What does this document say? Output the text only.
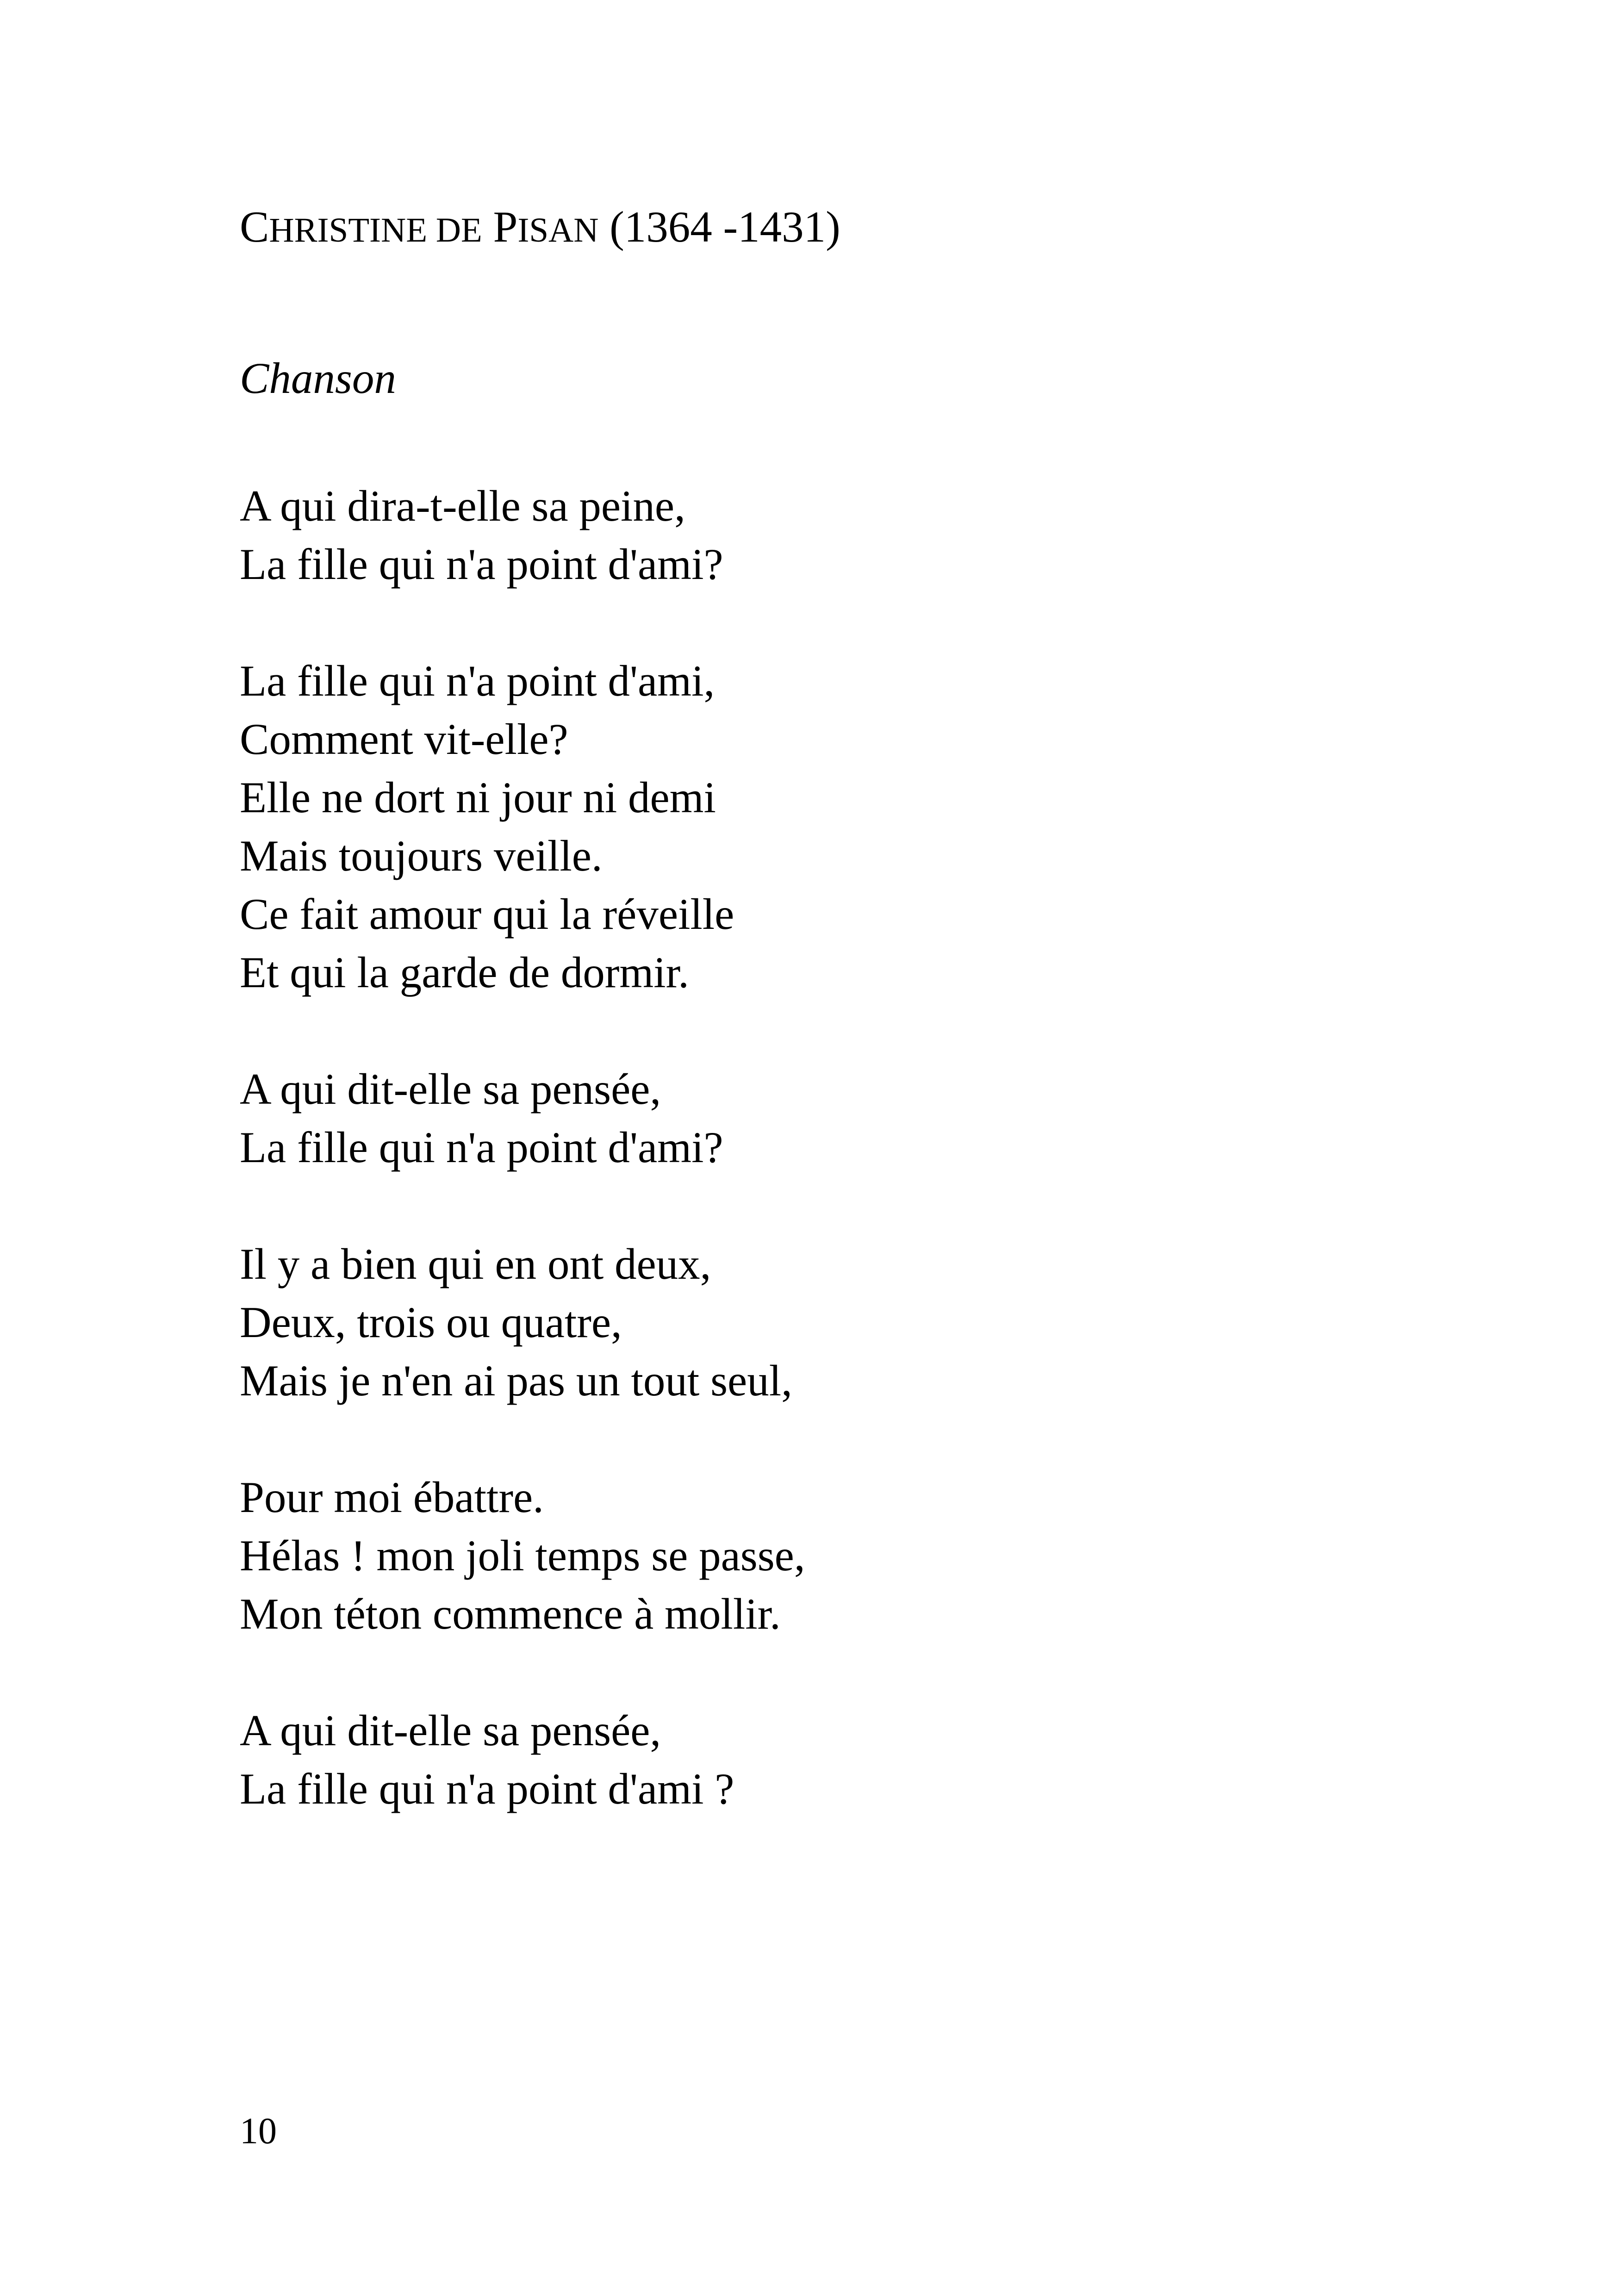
CHRISTINE DE PISAN (1364 -1431)
Chanson
A qui dira-t-elle sa peine,
La fille qui n'a point d'ami?
La fille qui n'a point d'ami,
Comment vit-elle?
Elle ne dort ni jour ni demi
Mais toujours veille.
Ce fait amour qui la réveille
Et qui la garde de dormir.
A qui dit-elle sa pensée,
La fille qui n'a point d'ami?
Il y a bien qui en ont deux,
Deux, trois ou quatre,
Mais je n'en ai pas un tout seul,
Pour moi ébattre.
Hélas ! mon joli temps se passe,
Mon téton commence à mollir.
A qui dit-elle sa pensée,
La fille qui n'a point d'ami ?

10
